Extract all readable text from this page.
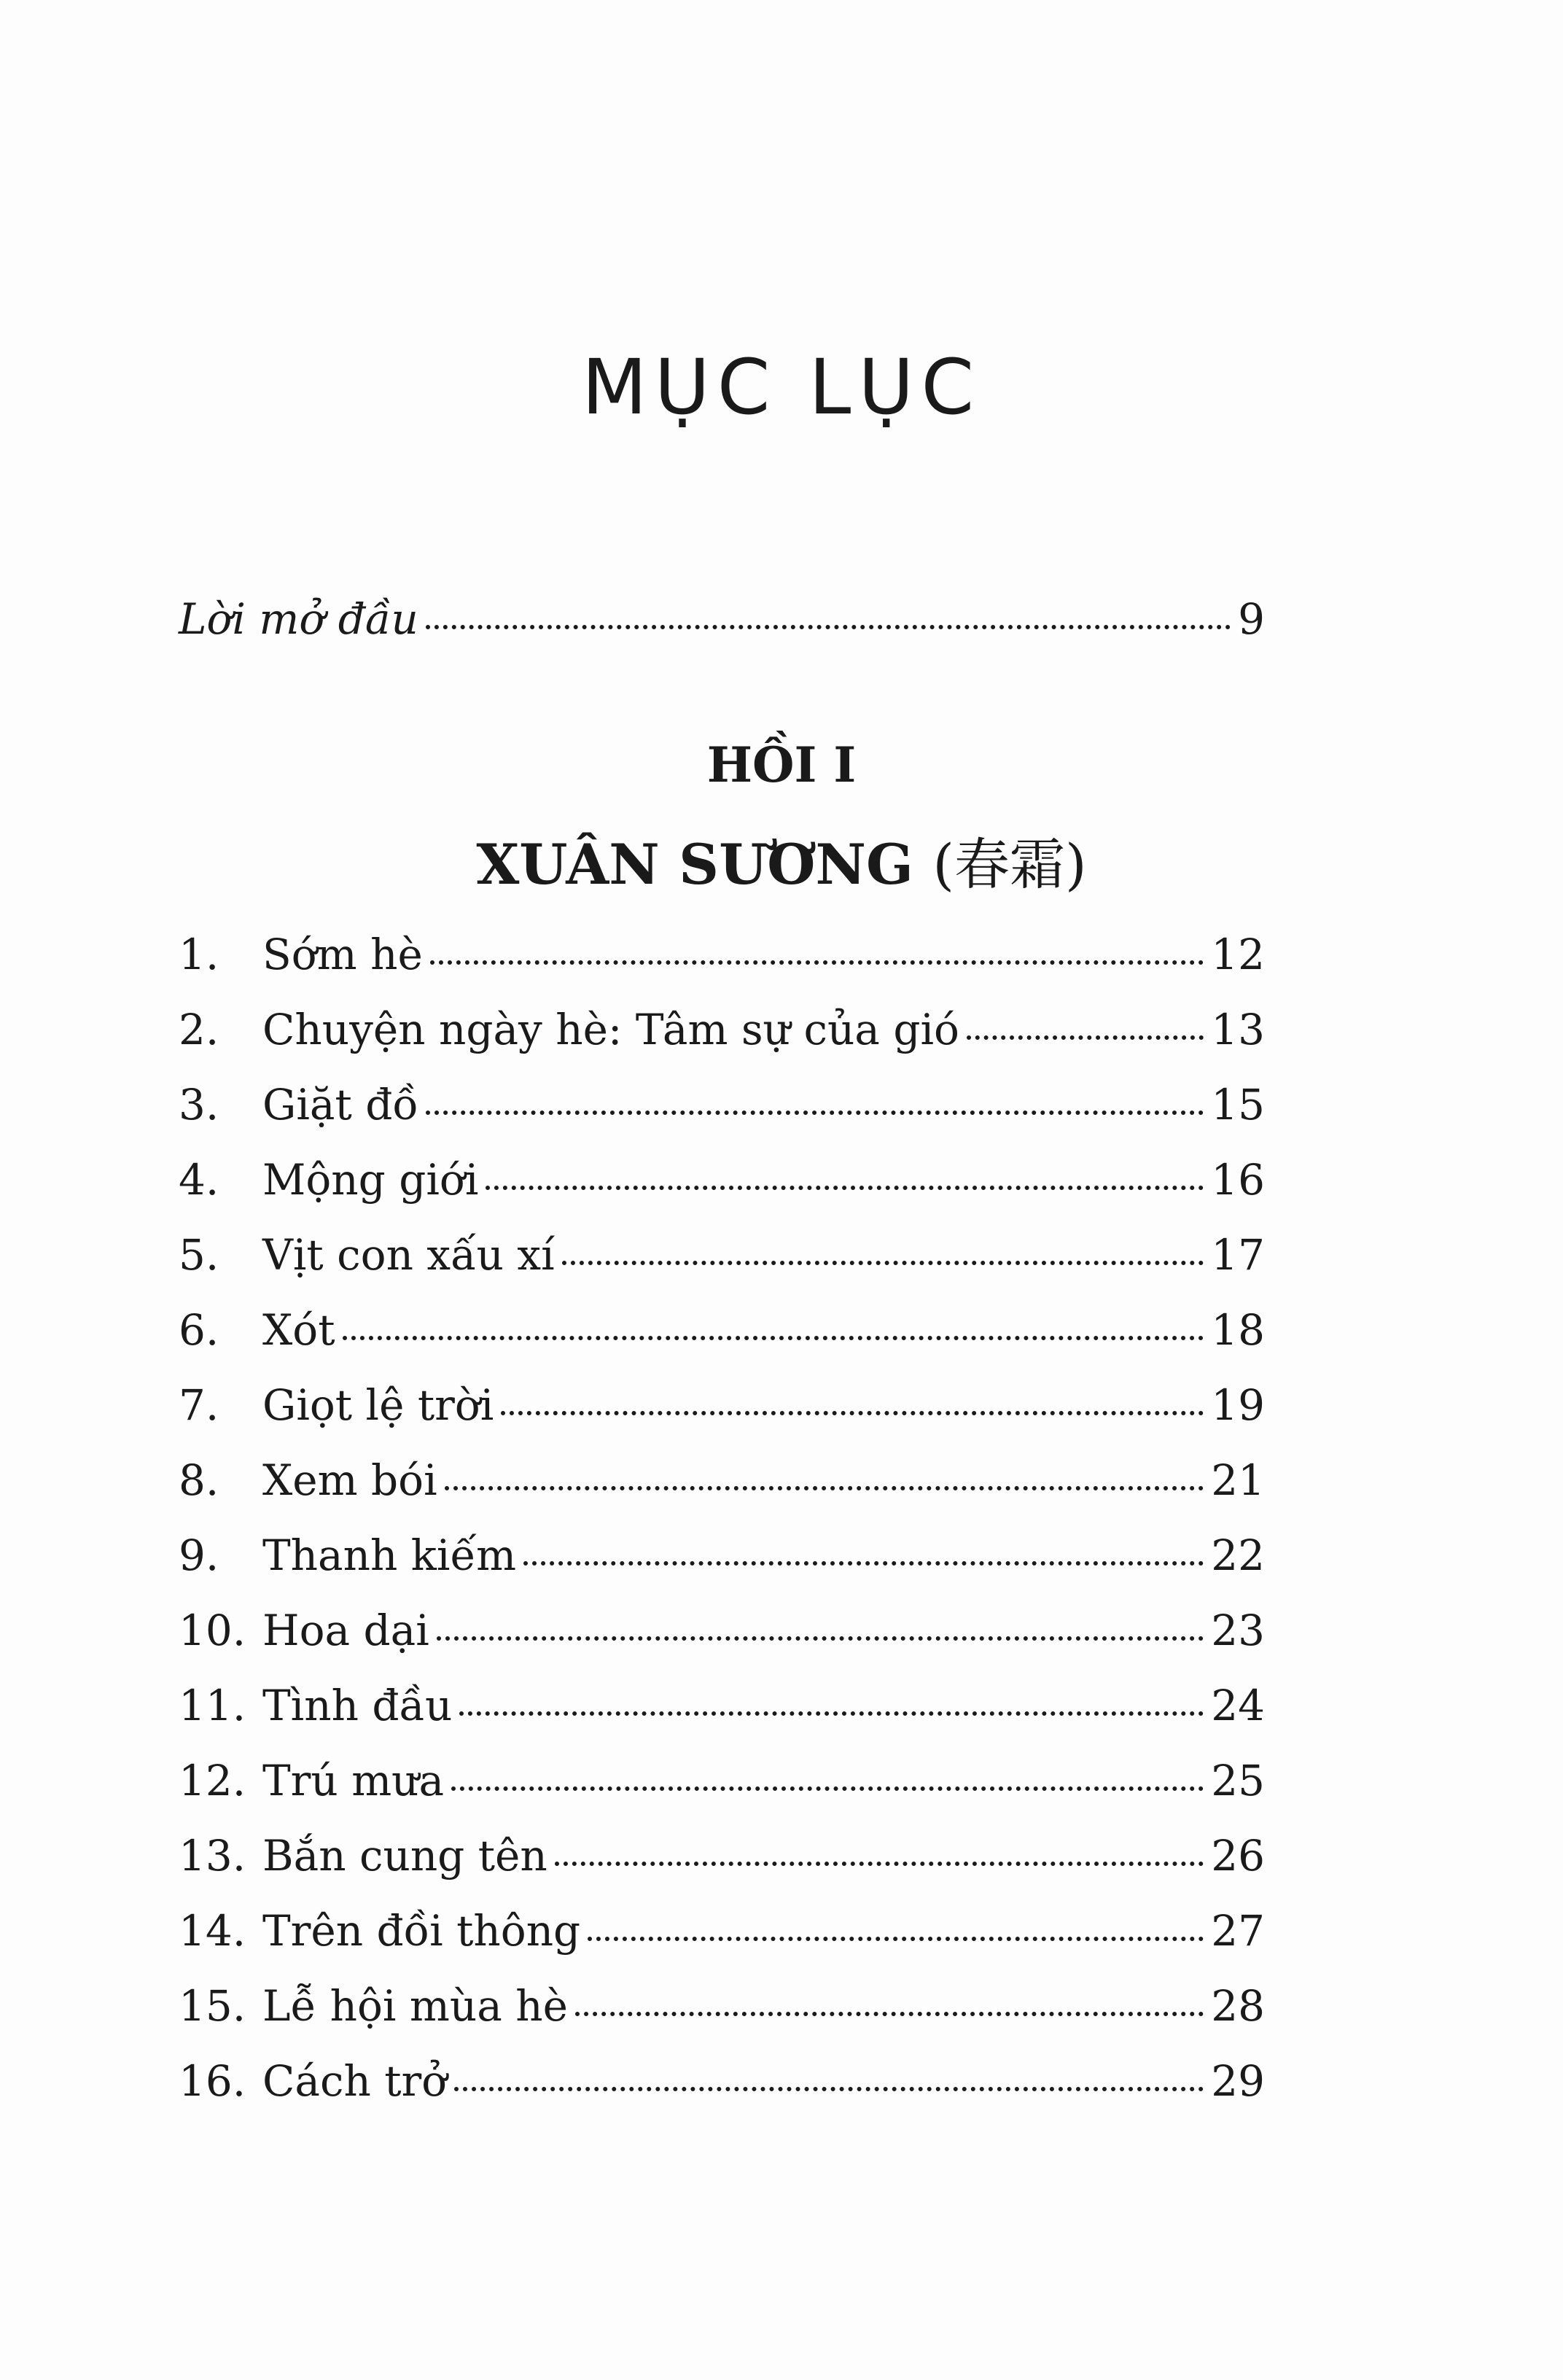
MỤC LỤC
Lời mở đầu	9
HỒI I
XUÂN SƯƠNG (春霜)
1.	Sớm hè	12
2.	Chuyện ngày hè: Tâm sự của gió	13
3.	Giặt đồ	15
4.	Mộng giới	16
5.	Vịt con xấu xí	17
6.	Xót	18
7.	Giọt lệ trời	19
8.	Xem bói	21
9.	Thanh kiếm	22
10. Hoa dại	23
11. Tình đầu	24
12. Trú mưa	25
13. Bắn cung tên	26
14. Trên đồi thông	27
15. Lễ hội mùa hè	28
16. Cách trở	29
